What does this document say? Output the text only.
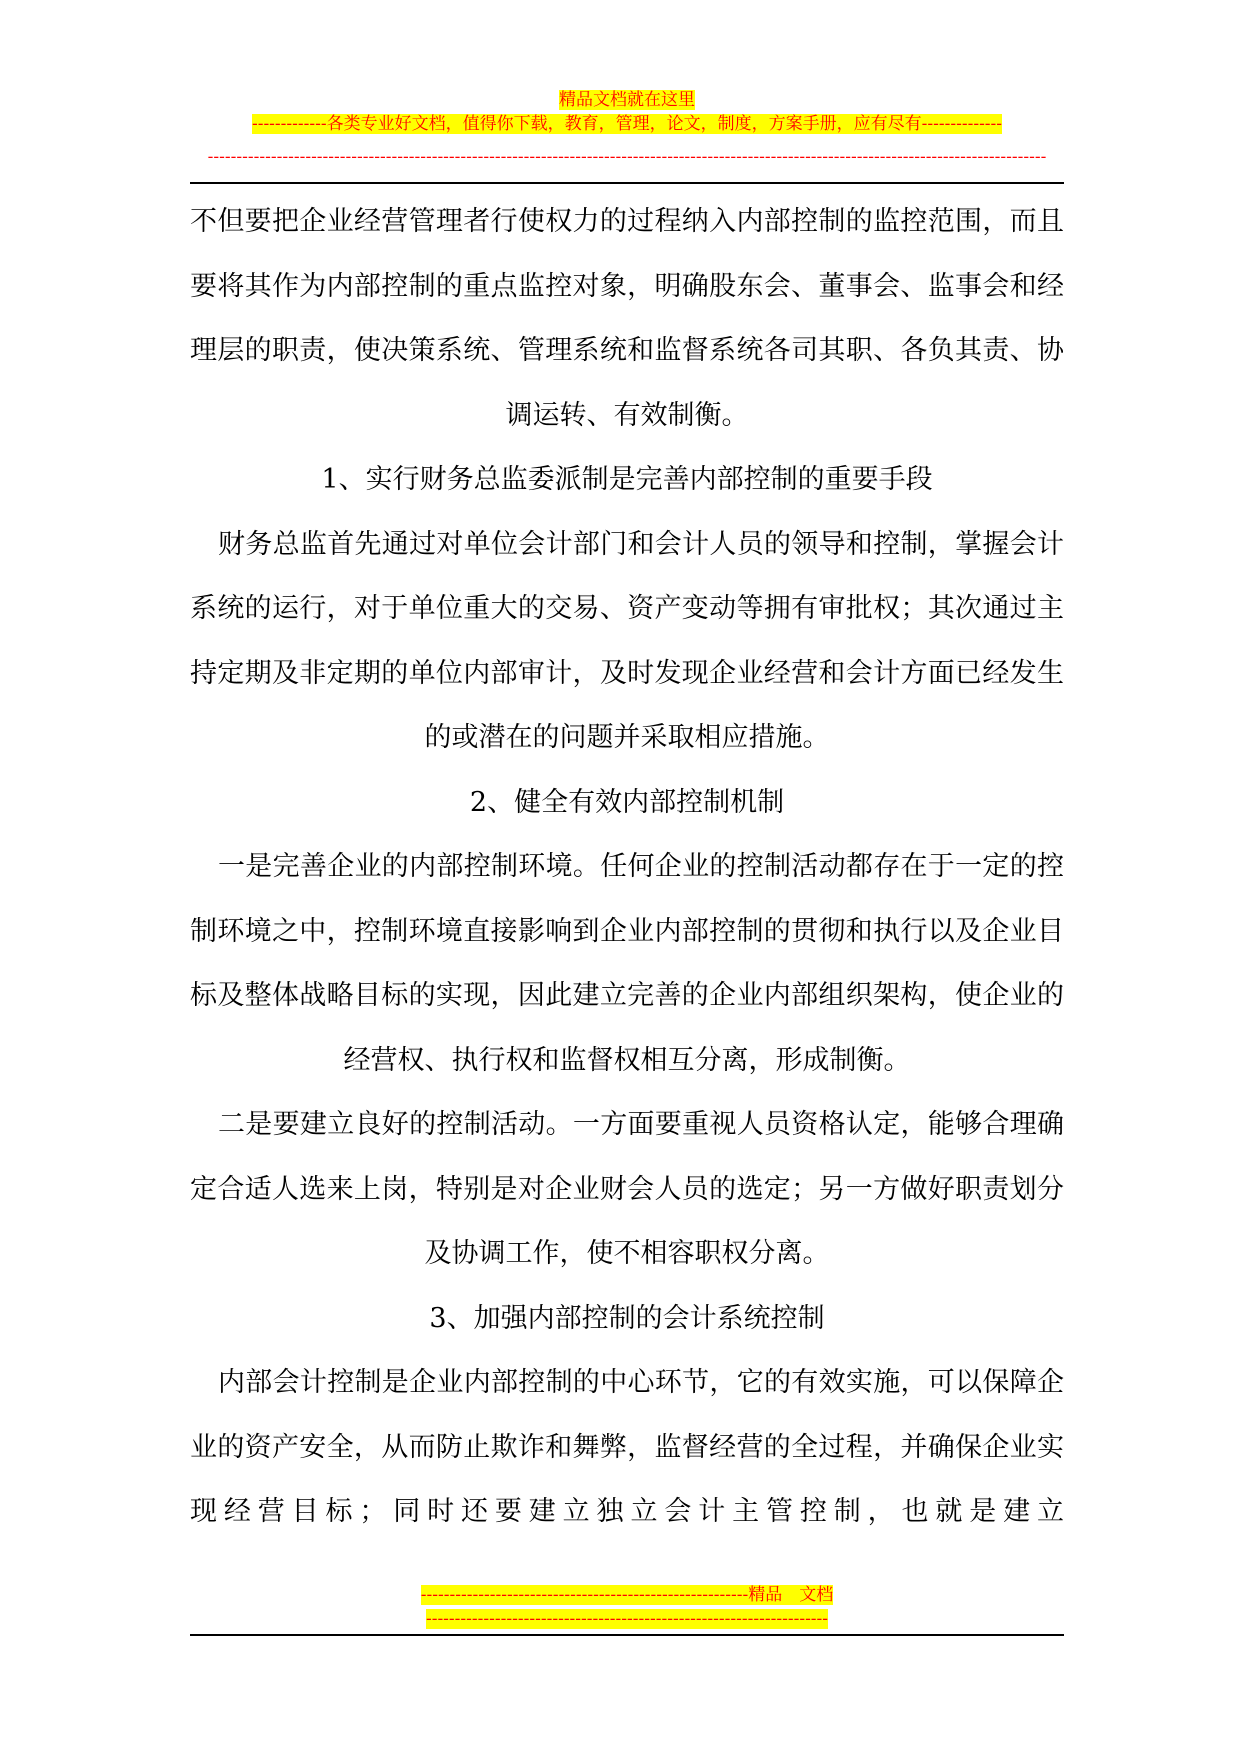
精品文档就在这里
-------------各类专业好文档，值得你下载，教育，管理，论文，制度，方案手册，应有尽有--------------
--------------------------------------------------------------------------------------------------------------------------------------------------

不但要把企业经营管理者行使权力的过程纳入内部控制的监控范围，而且要将其作为内部控制的重点监控对象，明确股东会、董事会、监事会和经理层的职责，使决策系统、管理系统和监督系统各司其职、各负其责、协调运转、有效制衡。

1、实行财务总监委派制是完善内部控制的重要手段

财务总监首先通过对单位会计部门和会计人员的领导和控制，掌握会计系统的运行，对于单位重大的交易、资产变动等拥有审批权；其次通过主持定期及非定期的单位内部审计，及时发现企业经营和会计方面已经发生的或潜在的问题并采取相应措施。

2、健全有效内部控制机制

一是完善企业的内部控制环境。任何企业的控制活动都存在于一定的控制环境之中，控制环境直接影响到企业内部控制的贯彻和执行以及企业目标及整体战略目标的实现，因此建立完善的企业内部组织架构，使企业的经营权、执行权和监督权相互分离，形成制衡。

二是要建立良好的控制活动。一方面要重视人员资格认定，能够合理确定合适人选来上岗，特别是对企业财会人员的选定；另一方做好职责划分及协调工作，使不相容职权分离。

3、加强内部控制的会计系统控制

内部会计控制是企业内部控制的中心环节，它的有效实施，可以保障企业的资产安全，从而防止欺诈和舞弊，监督经营的全过程，并确保企业实现经营目标；同时还要建立独立会计主管控制，也就是建立

---------------------------------------------------------精品　文档
----------------------------------------------------------------------
